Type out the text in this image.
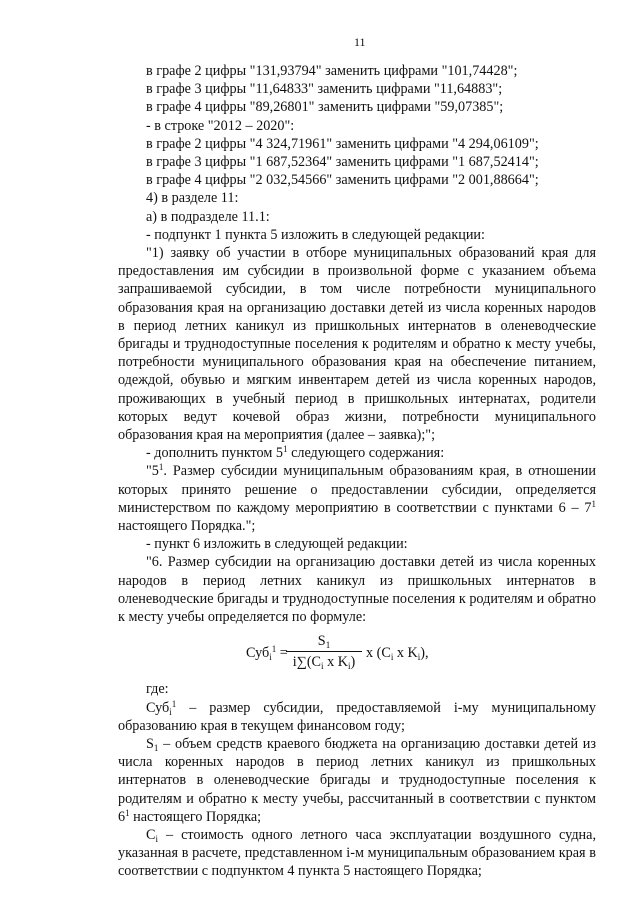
11

в графе 2 цифры "131,93794" заменить цифрами "101,74428";

в графе 3 цифры "11,64833" заменить цифрами "11,64883";

в графе 4 цифры "89,26801" заменить цифрами "59,07385";

- в строке "2012 – 2020":

в графе 2 цифры "4 324,71961" заменить цифрами "4 294,06109";

в графе 3 цифры "1 687,52364" заменить цифрами "1 687,52414";

в графе 4 цифры "2 032,54566" заменить цифрами "2 001,88664";

4) в разделе 11:

а) в подразделе 11.1:

- подпункт 1 пункта 5 изложить в следующей редакции:

"1) заявку об участии в отборе муниципальных образований края для предоставления им субсидии в произвольной форме с указанием объема запрашиваемой субсидии, в том числе потребности муниципального образования края на организацию доставки детей из числа коренных народов в период летних каникул из пришкольных интернатов в оленеводческие бригады и труднодоступные поселения к родителям и обратно к месту учебы, потребности муниципального образования края на обеспечение питанием, одеждой, обувью и мягким инвентарем детей из числа коренных народов, проживающих в учебный период в пришкольных интернатах, родители которых ведут кочевой образ жизни, потребности муниципального образования края на мероприятия (далее – заявка);";

- дополнить пунктом $5^1$ следующего содержания:

"$5^1$. Размер субсидии муниципальным образованиям края, в отношении которых принято решение о предоставлении субсидии, определяется министерством по каждому мероприятию в соответствии с пунктами $6 - 7^1$ настоящего Порядка.";

- пункт 6 изложить в следующей редакции:

"6. Размер субсидии на организацию доставки детей из числа коренных народов в период летних каникул из пришкольных интернатов в оленеводческие бригады и труднодоступные поселения к родителям и обратно к месту учебы определяется по формуле:

Суб$_i^1$ =
$S_1$
$i\sum(C_i$ x $K_i$)
x ($C_i$ x $K_i$),

где:

Суб$_i^1$ – размер субсидии, предоставляемой i-му муниципальному образованию края в текущем финансовом году;

$S_1$ – объем средств краевого бюджета на организацию доставки детей из числа коренных народов в период летних каникул из пришкольных интернатов в оленеводческие бригады и труднодоступные поселения к родителям и обратно к месту учебы, рассчитанный в соответствии с пунктом $6^1$ настоящего Порядка;

$C_i$ – стоимость одного летного часа эксплуатации воздушного судна, указанная в расчете, представленном i-м муниципальным образованием края в соответствии с подпунктом 4 пункта 5 настоящего Порядка;
